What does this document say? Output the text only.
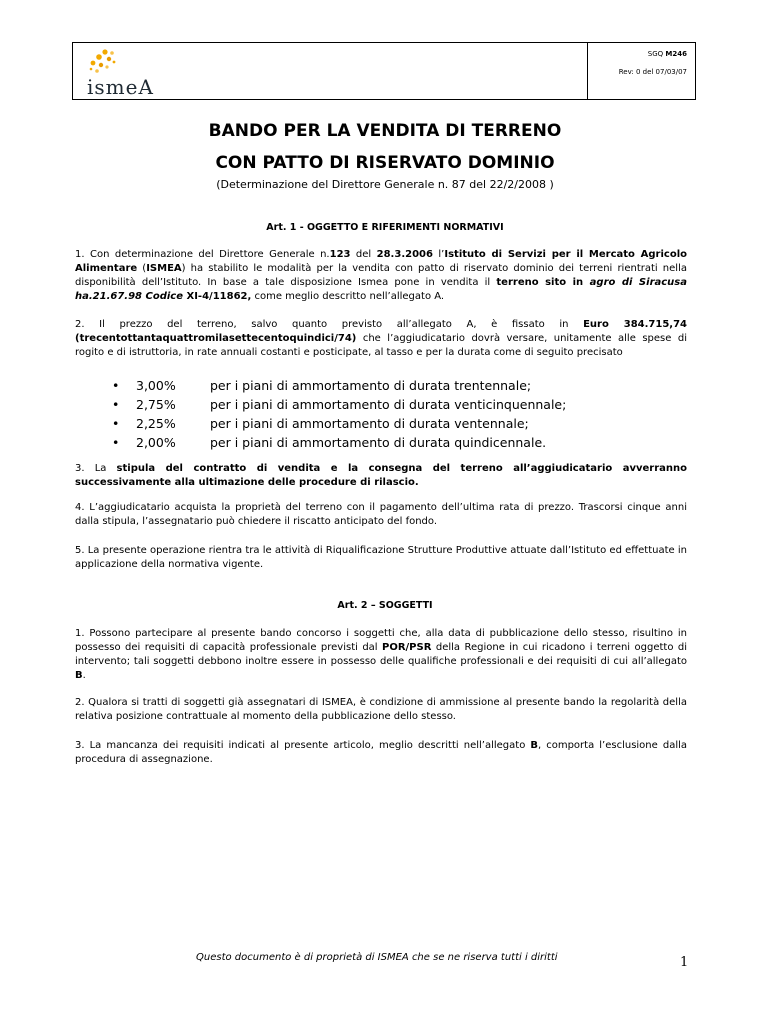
ismeA
SGQ M246
Rev: 0 del 07/03/07
BANDO PER LA VENDITA DI TERRENO
CON PATTO DI RISERVATO DOMINIO
(Determinazione del Direttore Generale n. 87 del 22/2/2008 )
Art. 1 - OGGETTO E RIFERIMENTI NORMATIVI
1. Con determinazione del Direttore Generale n.123 del 28.3.2006 l’Istituto di Servizi per il Mercato Agricolo Alimentare (ISMEA) ha stabilito le modalità per la vendita con patto di riservato dominio dei terreni rientrati nella disponibilità dell’Istituto. In base a tale disposizione Ismea pone in vendita il terreno sito in agro di Siracusa ha.21.67.98 Codice XI-4/11862, come meglio descritto nell’allegato A.
2. Il prezzo del terreno, salvo quanto previsto all’allegato A, è fissato in Euro 384.715,74 (trecentottantaquattromilasettecentoquindici/74) che l’aggiudicatario dovrà versare, unitamente alle spese di rogito e di istruttoria, in rate annuali costanti e posticipate, al tasso e per la durata come di seguito precisato
•	3,00%	per i piani di ammortamento di durata trentennale;
•	2,75%	per i piani di ammortamento di durata venticinquennale;
•	2,25%	per i piani di ammortamento di durata ventennale;
•	2,00%	per i piani di ammortamento di durata quindicennale.
3. La stipula del contratto di vendita e la consegna del terreno all’aggiudicatario avverranno successivamente alla ultimazione delle procedure di rilascio.
4. L’aggiudicatario acquista la proprietà del terreno con il pagamento dell’ultima rata di prezzo. Trascorsi cinque anni dalla stipula, l’assegnatario può chiedere il riscatto anticipato del fondo.
5. La presente operazione rientra tra le attività di Riqualificazione Strutture Produttive attuate dall’Istituto ed effettuate in applicazione della normativa vigente.
Art. 2 – SOGGETTI
1. Possono partecipare al presente bando concorso i soggetti che, alla data di pubblicazione dello stesso, risultino in possesso dei requisiti di capacità professionale previsti dal POR/PSR della Regione in cui ricadono i terreni oggetto di intervento; tali soggetti debbono inoltre essere in possesso delle qualifiche professionali e dei requisiti di cui all’allegato B.
2. Qualora si tratti di soggetti già assegnatari di ISMEA, è condizione di ammissione al presente bando la regolarità della relativa posizione contrattuale al momento della pubblicazione dello stesso.
3. La mancanza dei requisiti indicati al presente articolo, meglio descritti nell’allegato B, comporta l’esclusione dalla procedura di assegnazione.
Questo documento è di proprietà di ISMEA che se ne riserva tutti i diritti	1
